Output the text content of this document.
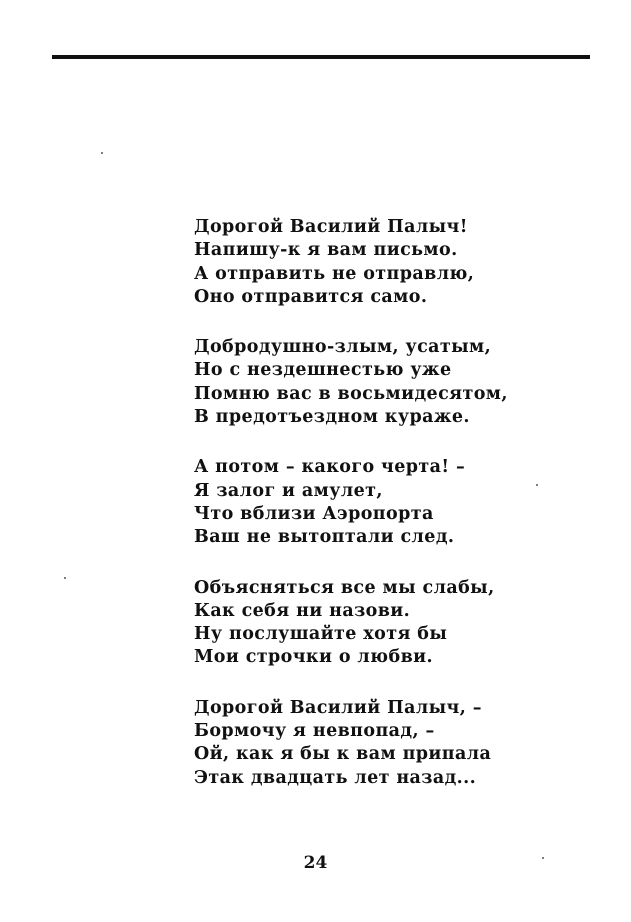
Дорогой Василий Палыч!
Напишу-к я вам письмо.
А отправить не отправлю,
Оно отправится само.
Добродушно-злым, усатым,
Но с нездешнестью уже
Помню вас в восьмидесятом,
В предотъездном кураже.
А потом – какого черта! –
Я залог и амулет,
Что вблизи Аэропорта
Ваш не вытоптали след.
Объясняться все мы слабы,
Как себя ни назови.
Ну послушайте хотя бы
Мои строчки о любви.
Дорогой Василий Палыч, –
Бормочу я невпопад, –
Ой, как я бы к вам припала
Этак двадцать лет назад...
24
